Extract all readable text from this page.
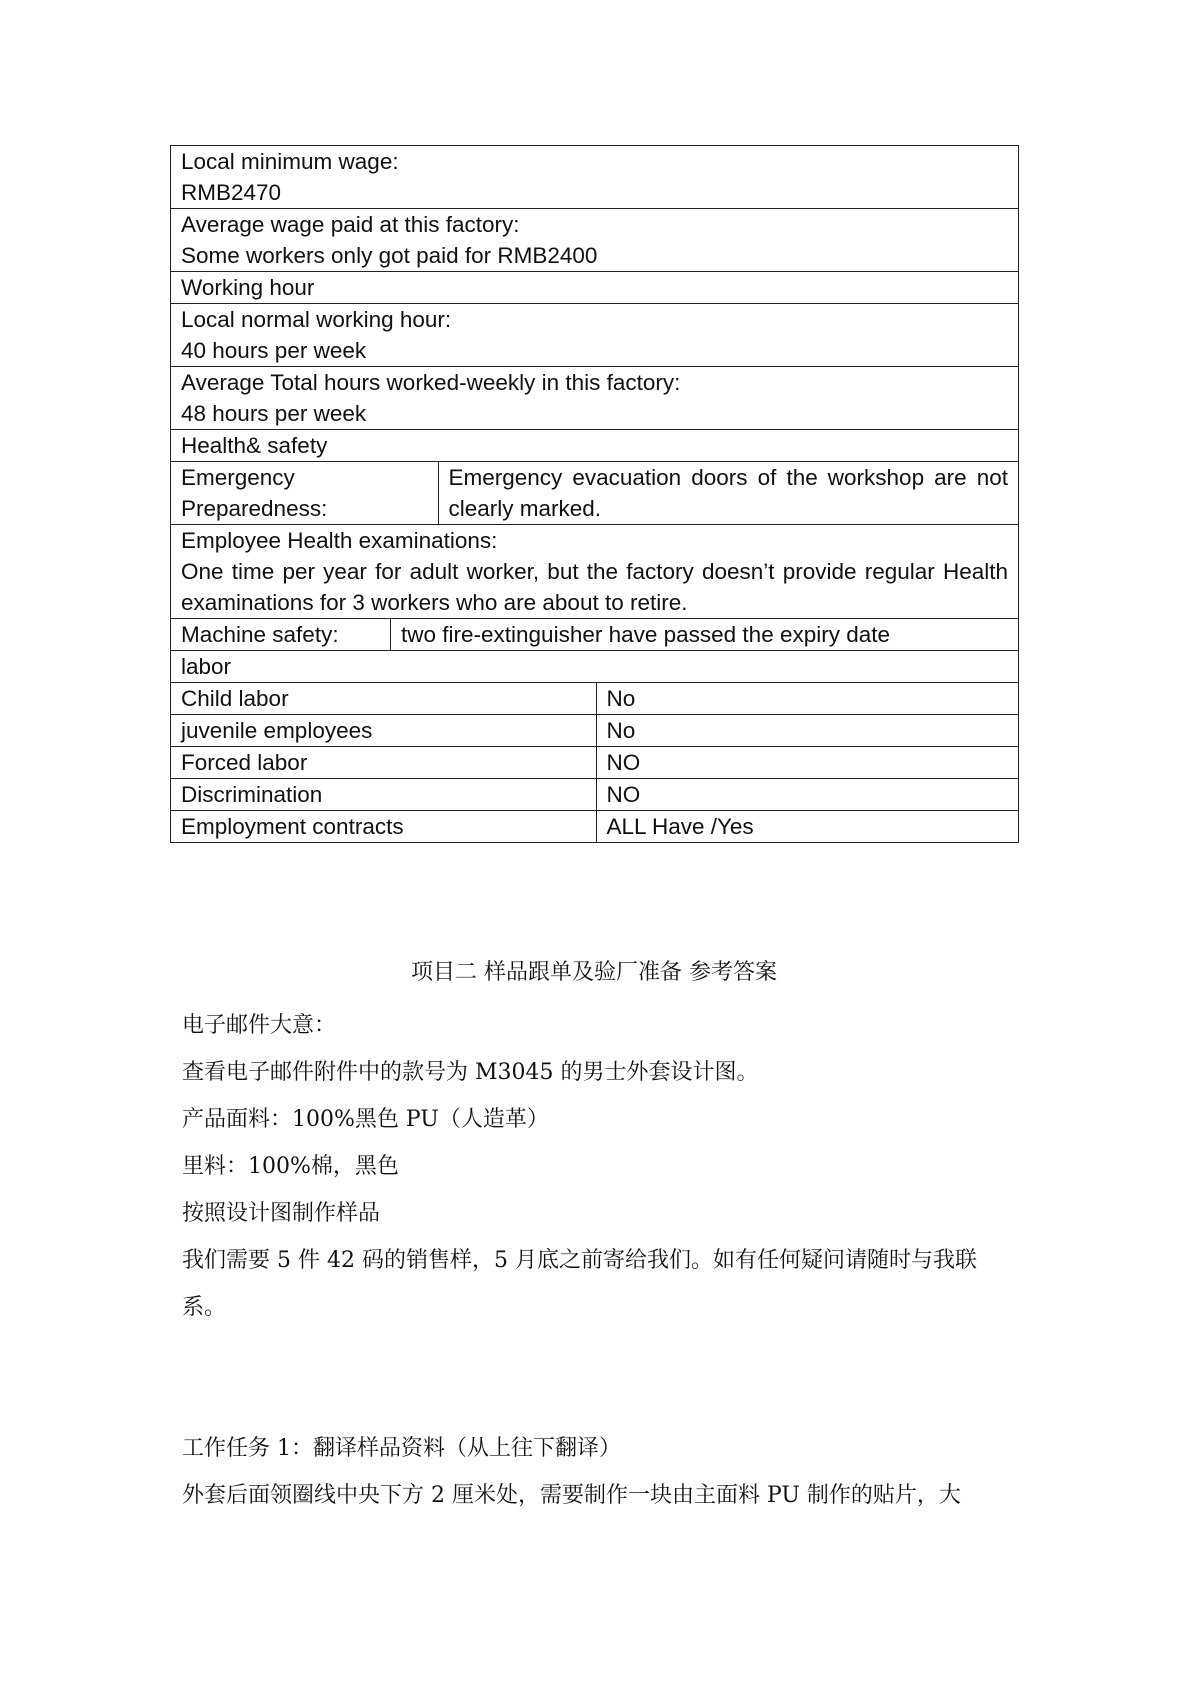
Local minimum wage:
RMB2470		

Average wage paid at this factory:
Some workers only got paid for RMB2400		

Working hour		

Local normal working hour:
40 hours per week		

Average Total hours worked-weekly in this factory:
48 hours per week		

Health& safety		
Emergency Preparedness:	Emergency evacuation doors of the workshop are not clearly marked.	

Employee Health examinations:
One time per year for adult worker, but the factory doesn’t provide regular Health examinations for 3 workers who are about to retire.		

Machine safety: two fire-extinguisher have passed the expiry date		

labor		
Child labor		No
juvenile employees		No
Forced labor		NO
Discrimination		NO
Employment contracts		ALL Have /Yes
项目二 样品跟单及验厂准备 参考答案

电子邮件大意：

查看电子邮件附件中的款号为 M3045 的男士外套设计图。

产品面料：100%黑色 PU（人造革）

里料：100%棉，黑色

按照设计图制作样品

我们需要 5 件 42 码的销售样，5 月底之前寄给我们。如有任何疑问请随时与我联系。

工作任务 1：翻译样品资料（从上往下翻译）

外套后面领圈线中央下方 2 厘米处，需要制作一块由主面料 PU 制作的贴片，大
